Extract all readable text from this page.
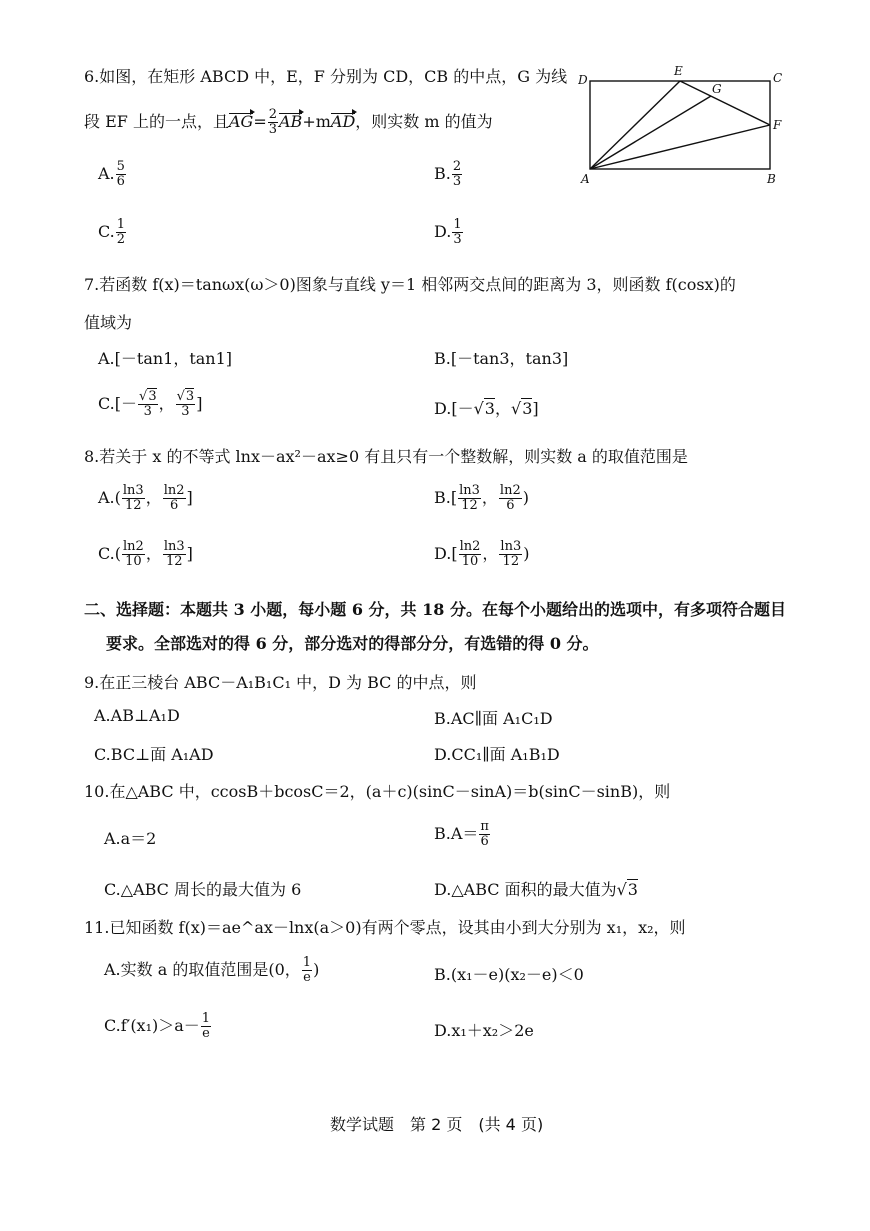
6.如图，在矩形 ABCD 中，E，F 分别为 CD，CB 的中点，G 为线
段 EF 上的一点，且$AG= \frac{2}{3} AB+mAD$，则实数 m 的值为
A. $\frac{5}{6}$	B. $\frac{2}{3}$
C. $\frac{1}{2}$	D. $\frac{1}{3}$
D
E	C
G
F
A	B
7.若函数 f(x)＝tanωx(ω＞0)图象与直线 y＝1 相邻两交点间的距离为 3，则函数 f(cosx)的
值域为
A.[－tan1，tan1]	B.[－tan3，tan3]
$C.[- \frac{√3}{3}$ ， $\frac{√3}{3}$ ]	D.[－√3，√3]
8.若关于 x 的不等式 lnx－ax²－ax≥0 有且只有一个整数解，则实数 a 的取值范围是
$A.( \frac{\ln 3}{12}$ ， $\frac{\ln 2}{6}$ ]	$B.[ \frac{\ln 3}{12}$ ， $\frac{\ln 2}{6}$ )
$C.( \frac{\ln 2}{10}$ ， $\frac{\ln 3}{12}$ ]	$D.[ \frac{\ln 2}{10}$ ， $\frac{\ln 3}{12}$ )
二、选择题：本题共 3 小题，每小题 6 分，共 18 分。在每个小题给出的选项中，有多项符合题目
要求。全部选对的得 6 分，部分选对的得部分分，有选错的得 0 分。
9.在正三棱台 ABC－A₁B₁C₁ 中，D 为 BC 的中点，则
A.AB⊥A₁D	B.AC∥面 A₁C₁D
C.BC⊥面 A₁AD	D.CC₁∥面 A₁B₁D
10.在△ABC 中，ccosB＋bcosC＝2，(a＋c)(sinC－sinA)＝b(sinC－sinB)，则
A.a＝2	$B.A= \frac{\pi}{6}$
C.△ABC 周长的最大值为 6	D.△ABC 面积的最大值为√3
11.已知函数 f(x)＝ae^ax－lnx(a＞0)有两个零点，设其由小到大分别为 x₁，x₂，则
A.实数 a 的取值范围是(0， $\frac{1}{e}$ )	B.(x₁－e)(x₂－e)＜0
$C.f'(x_1)>a- \frac{1}{e}$	D.x₁＋x₂＞2e
数学试题　第 2 页　(共 4 页)
